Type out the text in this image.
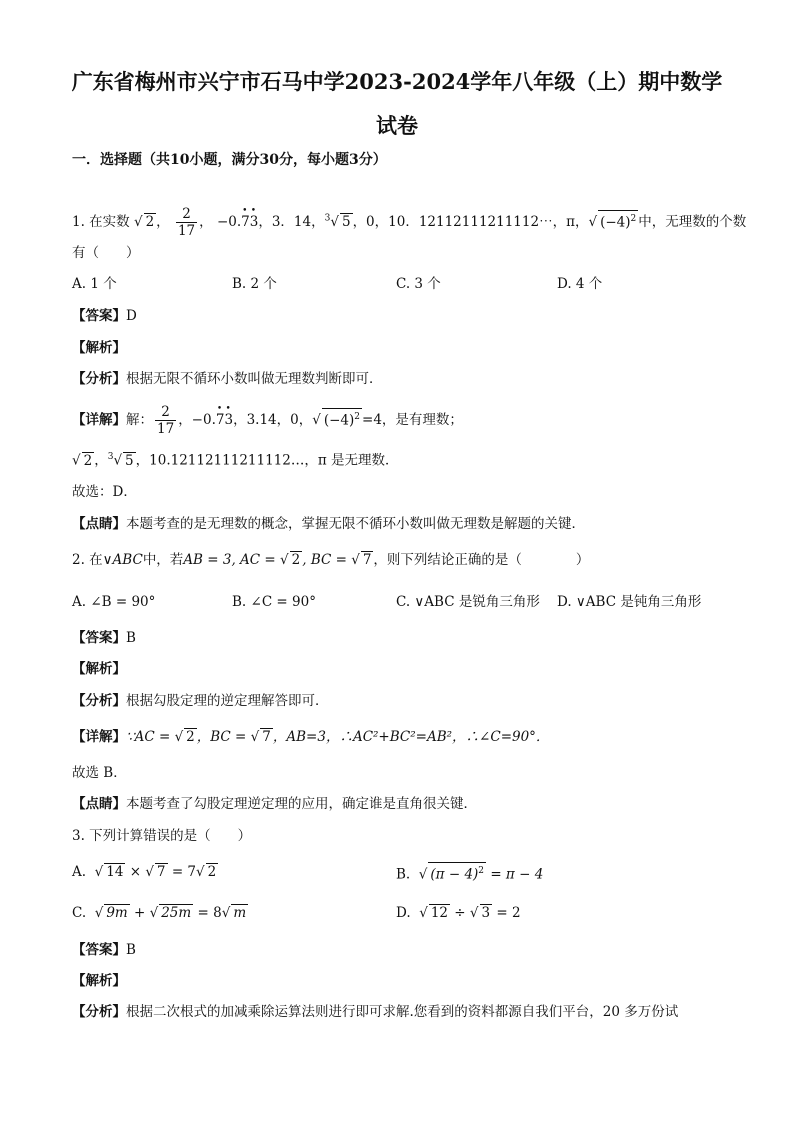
广东省梅州市兴宁市石马中学2023-2024学年八年级（上）期中数学
试卷
一．选择题（共10小题，满分30分，每小题3分）
1. 在实数 √ 2 ， $\frac{2}{17}$ ， −0.• 7• 3，3．14，$^3$√ 5 ，0，10．12112111211112⋯，π，√ $(-4)^2$ 中，无理数的个数
有（　　）
A. 1 个	B. 2 个	C. 3 个	D. 4 个
【答案】D
【解析】
【分析】根据无限不循环小数叫做无理数判断即可．
【详解】解： $\frac{2}{17}$ ，−0.• 7• 3，3.14，0，√ $(-4)^2 =4$，是有理数；
√ 2 ，$^3$√ 5 ，10.12112111211112…，π 是无理数．
故选：D．
【点睛】本题考查的是无理数的概念，掌握无限不循环小数叫做无理数是解题的关键．
2. 在∨ABC中，若AB = 3, AC = √ 2 , BC = √ 7 ，则下列结论正确的是（　　　　）
A. ∠B = 90°	B. ∠C = 90°	C. ∨ABC 是锐角三角形 D. ∨ABC 是钝角三角形
【答案】B
【解析】
【分析】根据勾股定理的逆定理解答即可．
【详解】∵AC = √ 2 ，BC = √ 7 ，AB=3，∴AC²+BC²=AB²，∴∠C=90°．
故选 B．
【点睛】本题考查了勾股定理逆定理的应用，确定谁是直角很关键．
3. 下列计算错误的是（　　）
A.  √ 14 × √ 7 = 7√ 2	B.  √ $(\pi - 4)^2 = \pi - 4$
C.  √ 9m + √ 25m = 8√ m	D.  √ 12 ÷ √ 3 = 2
【答案】B
【解析】
【分析】根据二次根式的加减乘除运算法则进行即可求解.您看到的资料都源自我们平台，20 多万份试
